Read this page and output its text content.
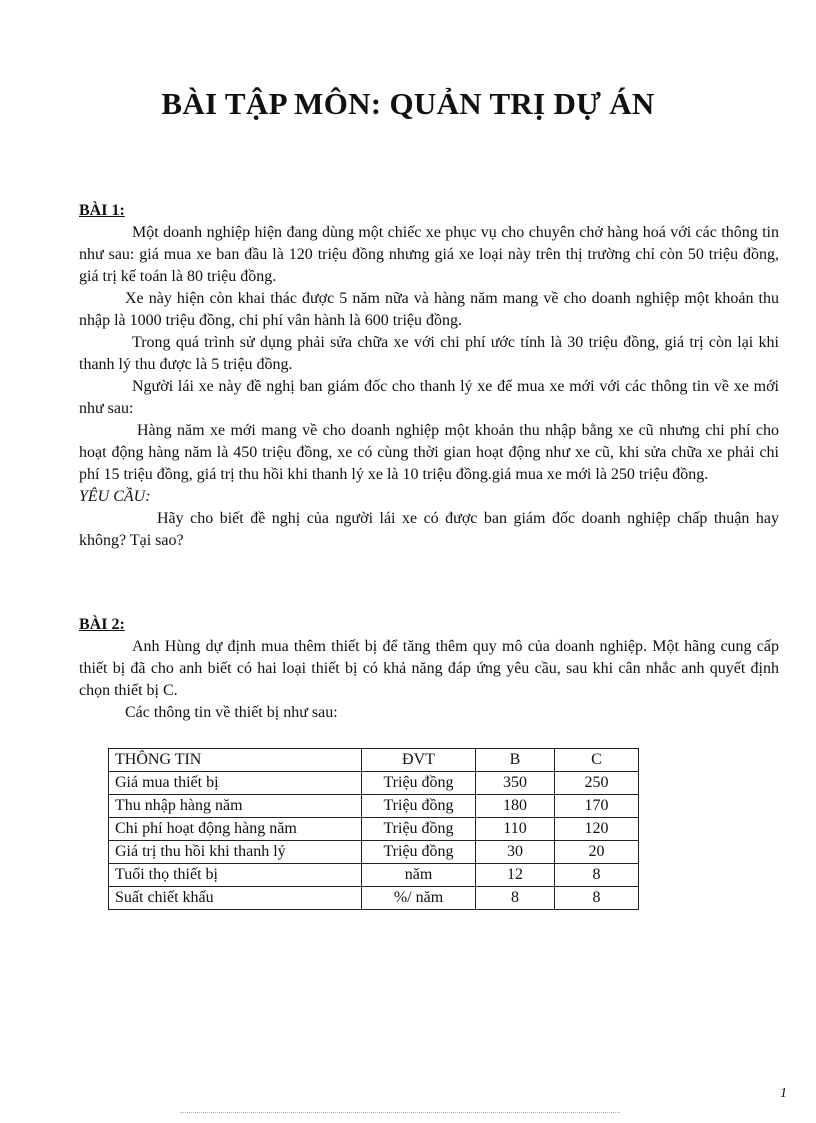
BÀI TẬP MÔN: QUẢN TRỊ DỰ ÁN

BÀI 1:

Một doanh nghiệp hiện đang dùng một chiếc xe phục vụ cho chuyên chở hàng hoá với các thông tin như sau: giá mua xe ban đầu là 120 triệu đồng nhưng giá xe loại này trên thị trường chỉ còn 50 triệu đồng, giá trị kế toán là 80 triệu đồng.

Xe này hiện còn khai thác được 5 năm nữa và hàng năm mang về cho doanh nghiệp một khoản thu nhập là 1000 triệu đồng, chi phí vân hành là 600 triệu đồng.

Trong quá trình sử dụng phải sửa chữa xe với chi phí ước tính là 30 triệu đồng, giá trị còn lại khi thanh lý thu được là 5 triệu đồng.

Người lái xe này đề nghị ban giám đốc cho thanh lý xe để mua xe mới với các thông tin về xe mới như sau:

Hàng năm xe mới mang về cho doanh nghiệp một khoản thu nhập bằng xe cũ nhưng chi phí cho hoạt động hàng năm là 450 triệu đồng, xe có cùng thời gian hoạt động như xe cũ, khi sửa chữa xe phải chi phí 15 triệu đồng, giá trị thu hồi khi thanh lý xe là 10 triệu đồng.giá mua xe mới là 250 triệu đồng.

YÊU CẦU:

Hãy cho biết đề nghị của người lái xe có được ban giám đốc doanh nghiệp chấp thuận hay không? Tại sao?

BÀI 2:

Anh Hùng dự định mua thêm thiết bị để tăng thêm quy mô của doanh nghiệp. Một hãng cung cấp thiết bị đã cho anh biết có hai loại thiết bị có khả năng đáp ứng yêu cầu, sau khi cân nhắc anh quyết định chọn thiết bị C.

Các thông tin về thiết bị như sau:

THÔNG TIN	ĐVT	B	C
Giá mua thiết bị	Triệu đồng	350	250
Thu nhập hàng năm	Triệu đồng	180	170
Chi phí hoạt động hàng năm	Triệu đồng	110	120
Giá trị thu hồi khi thanh lý	Triệu đồng	30	20
Tuổi thọ thiết bị	năm	12	8
Suất chiết khấu	%/ năm	8	8
1
